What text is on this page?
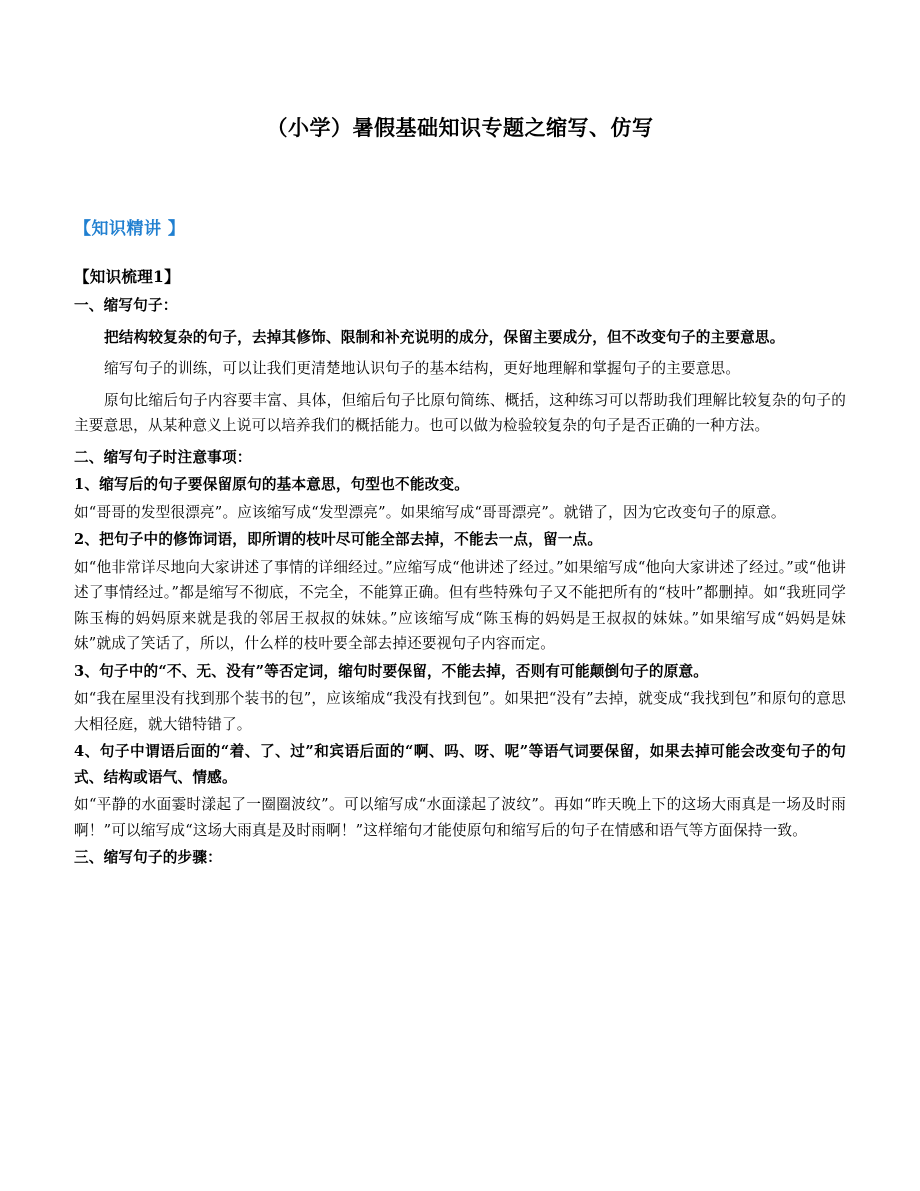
（小学）暑假基础知识专题之缩写、仿写
【知识精讲 】
【知识梳理1】
一、缩写句子：
把结构较复杂的句子，去掉其修饰、限制和补充说明的成分，保留主要成分，但不改变句子的主要意思。
缩写句子的训练，可以让我们更清楚地认识句子的基本结构，更好地理解和掌握句子的主要意思。
原句比缩后句子内容要丰富、具体，但缩后句子比原句简练、概括，这种练习可以帮助我们理解比较复杂的句子的主要意思，从某种意义上说可以培养我们的概括能力。也可以做为检验较复杂的句子是否正确的一种方法。
二、缩写句子时注意事项：
1、缩写后的句子要保留原句的基本意思，句型也不能改变。
如“哥哥的发型很漂亮”。应该缩写成“发型漂亮”。如果缩写成“哥哥漂亮”。就错了，因为它改变句子的原意。
2、把句子中的修饰词语，即所谓的枝叶尽可能全部去掉，不能去一点，留一点。
如“他非常详尽地向大家讲述了事情的详细经过。”应缩写成“他讲述了经过。”如果缩写成“他向大家讲述了经过。”或“他讲述了事情经过。”都是缩写不彻底，不完全，不能算正确。但有些特殊句子又不能把所有的“枝叶”都删掉。如“我班同学陈玉梅的妈妈原来就是我的邻居王叔叔的妹妹。”应该缩写成“陈玉梅的妈妈是王叔叔的妹妹。”如果缩写成“妈妈是妹妹”就成了笑话了，所以，什么样的枝叶要全部去掉还要视句子内容而定。
3、句子中的“不、无、没有”等否定词，缩句时要保留，不能去掉，否则有可能颠倒句子的原意。
如“我在屋里没有找到那个装书的包”，应该缩成“我没有找到包”。如果把“没有”去掉，就变成“我找到包”和原句的意思大相径庭，就大错特错了。
4、句子中谓语后面的“着、了、过”和宾语后面的“啊、吗、呀、呢”等语气词要保留，如果去掉可能会改变句子的句式、结构或语气、情感。
如“平静的水面霎时漾起了一圈圈波纹”。可以缩写成“水面漾起了波纹”。再如“昨天晚上下的这场大雨真是一场及时雨啊！”可以缩写成“这场大雨真是及时雨啊！”这样缩句才能使原句和缩写后的句子在情感和语气等方面保持一致。
三、缩写句子的步骤：
